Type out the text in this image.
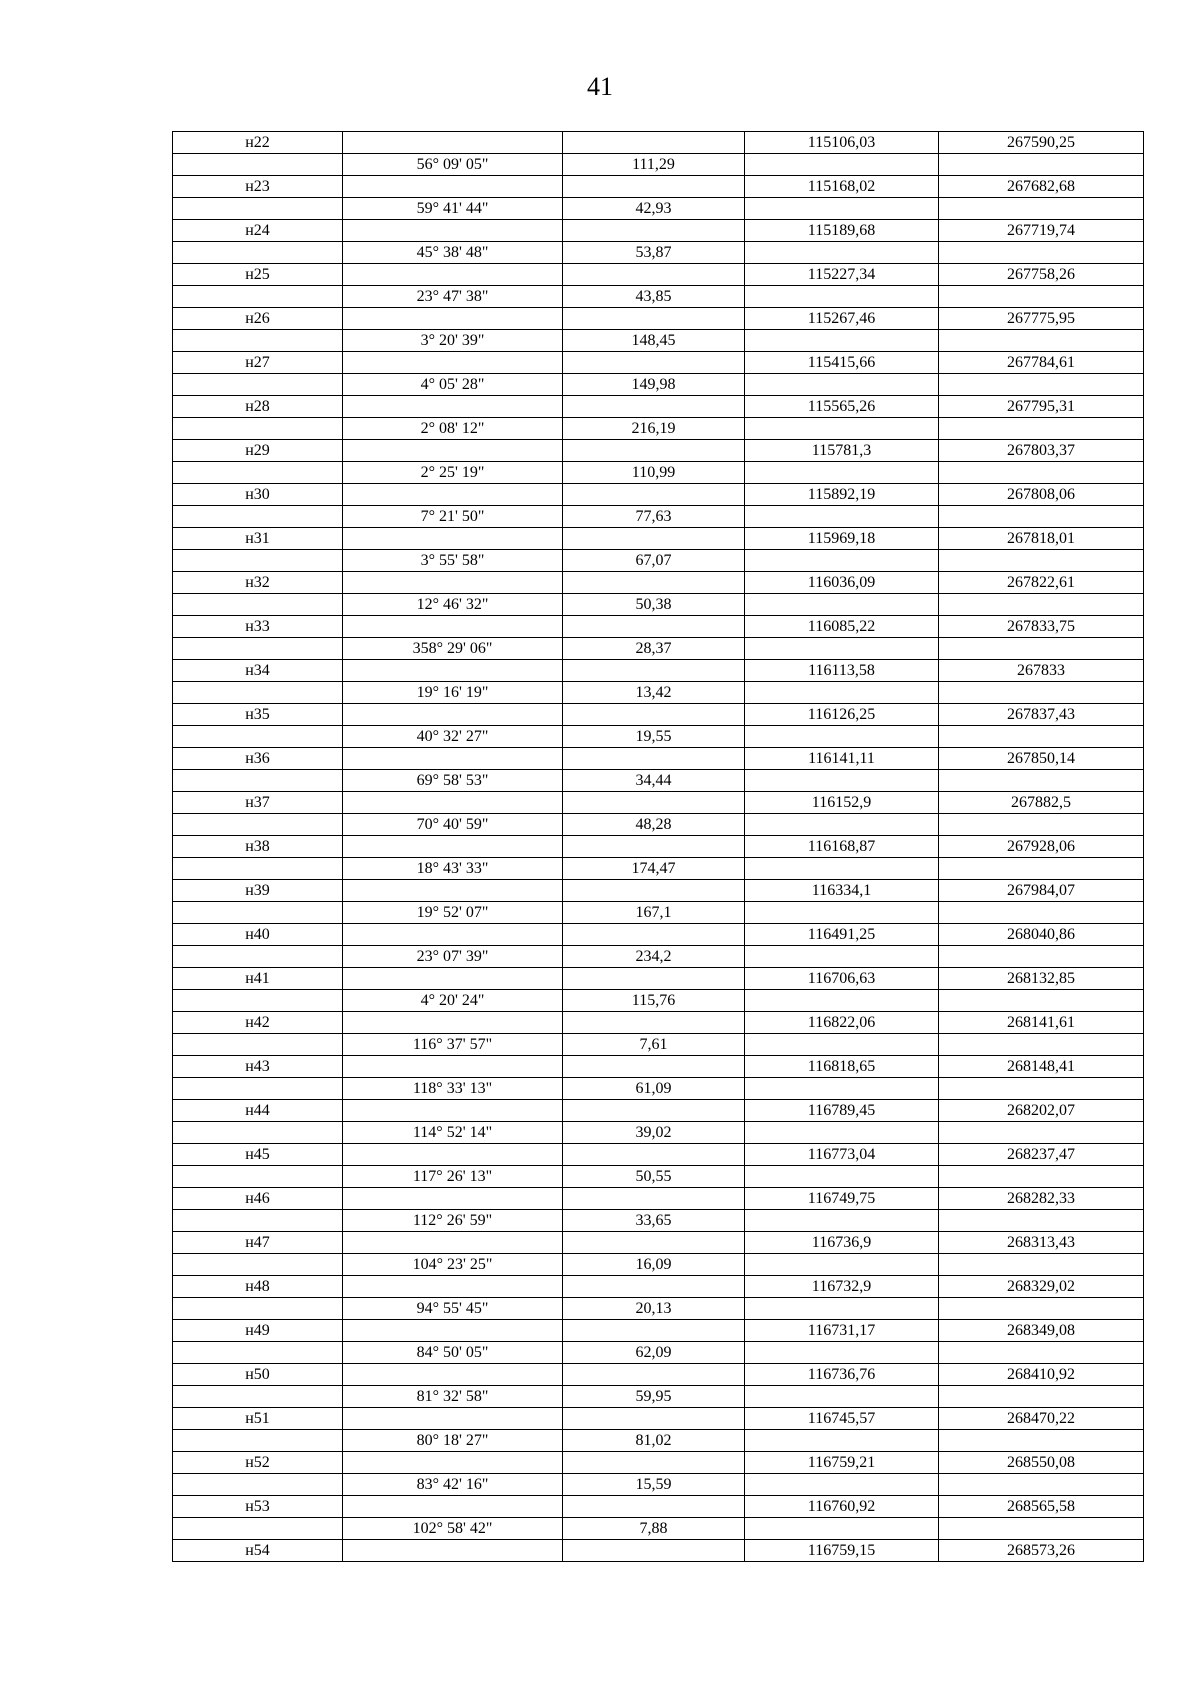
41
н22			115106,03	267590,25
	56° 09' 05"	111,29		
н23			115168,02	267682,68
	59° 41' 44"	42,93		
н24			115189,68	267719,74
	45° 38' 48"	53,87		
н25			115227,34	267758,26
	23° 47' 38"	43,85		
н26			115267,46	267775,95
	3° 20' 39"	148,45		
н27			115415,66	267784,61
	4° 05' 28"	149,98		
н28			115565,26	267795,31
	2° 08' 12"	216,19		
н29			115781,3	267803,37
	2° 25' 19"	110,99		
н30			115892,19	267808,06
	7° 21' 50"	77,63		
н31			115969,18	267818,01
	3° 55' 58"	67,07		
н32			116036,09	267822,61
	12° 46' 32"	50,38		
н33			116085,22	267833,75
	358° 29' 06"	28,37		
н34			116113,58	267833
	19° 16' 19"	13,42		
н35			116126,25	267837,43
	40° 32' 27"	19,55		
н36			116141,11	267850,14
	69° 58' 53"	34,44		
н37			116152,9	267882,5
	70° 40' 59"	48,28		
н38			116168,87	267928,06
	18° 43' 33"	174,47		
н39			116334,1	267984,07
	19° 52' 07"	167,1		
н40			116491,25	268040,86
	23° 07' 39"	234,2		
н41			116706,63	268132,85
	4° 20' 24"	115,76		
н42			116822,06	268141,61
	116° 37' 57"	7,61		
н43			116818,65	268148,41
	118° 33' 13"	61,09		
н44			116789,45	268202,07
	114° 52' 14"	39,02		
н45			116773,04	268237,47
	117° 26' 13"	50,55		
н46			116749,75	268282,33
	112° 26' 59"	33,65		
н47			116736,9	268313,43
	104° 23' 25"	16,09		
н48			116732,9	268329,02
	94° 55' 45"	20,13		
н49			116731,17	268349,08
	84° 50' 05"	62,09		
н50			116736,76	268410,92
	81° 32' 58"	59,95		
н51			116745,57	268470,22
	80° 18' 27"	81,02		
н52			116759,21	268550,08
	83° 42' 16"	15,59		
н53			116760,92	268565,58
	102° 58' 42"	7,88		
н54			116759,15	268573,26
